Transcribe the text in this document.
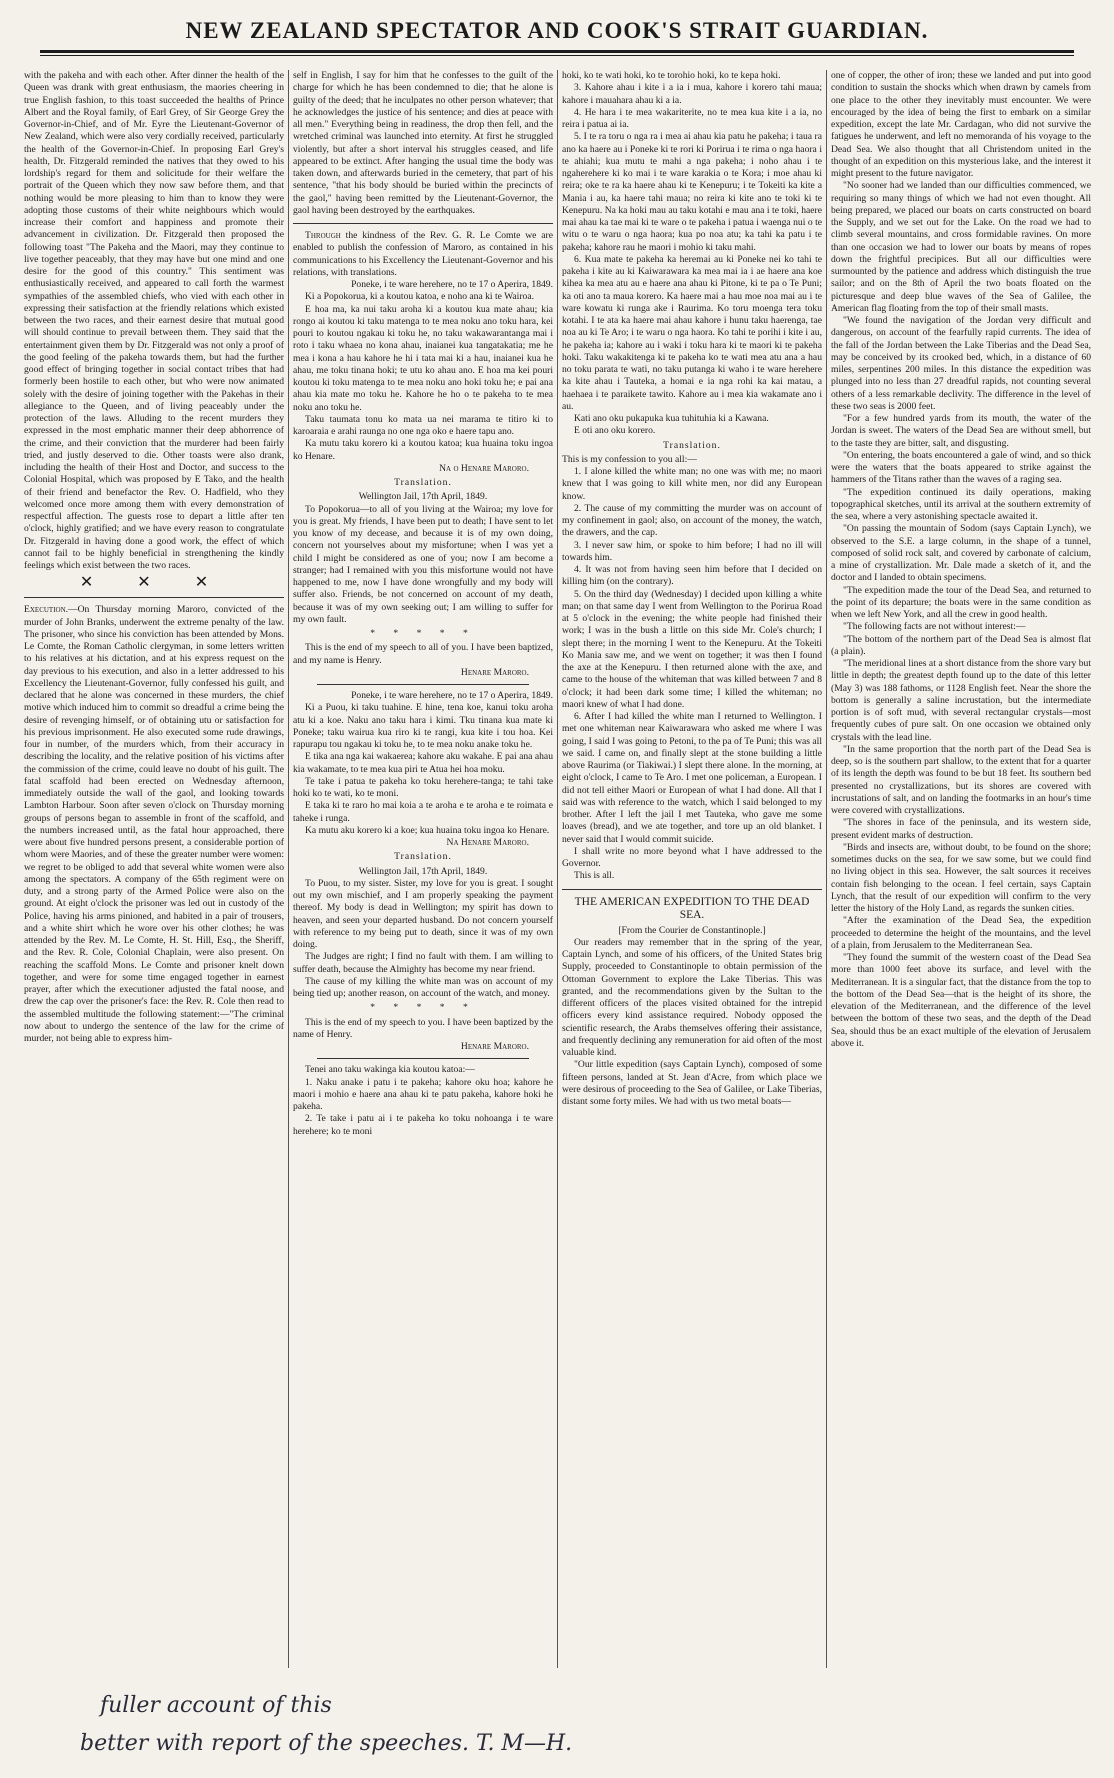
NEW ZEALAND SPECTATOR AND COOK'S STRAIT GUARDIAN.

with the pakeha and with each other. After dinner the health of the Queen was drank with great enthusiasm, the maories cheering in true English fashion, to this toast succeeded the healths of Prince Albert and the Royal family, of Earl Grey, of Sir George Grey the Governor-in-Chief, and of Mr. Eyre the Lieutenant-Governor of New Zealand, which were also very cordially received, particularly the health of the Governor-in-Chief. In proposing Earl Grey's health, Dr. Fitzgerald reminded the natives that they owed to his lordship's regard for them and solicitude for their welfare the portrait of the Queen which they now saw before them, and that nothing would be more pleasing to him than to know they were adopting those customs of their white neighbours which would increase their comfort and happiness and promote their advancement in civilization. Dr. Fitzgerald then proposed the following toast "The Pakeha and the Maori, may they continue to live together peaceably, that they may have but one mind and one desire for the good of this country." This sentiment was enthusiastically received, and appeared to call forth the warmest sympathies of the assembled chiefs, who vied with each other in expressing their satisfaction at the friendly relations which existed between the two races, and their earnest desire that mutual good will should continue to prevail between them. They said that the entertainment given them by Dr. Fitzgerald was not only a proof of the good feeling of the pakeha towards them, but had the further good effect of bringing together in social contact tribes that had formerly been hostile to each other, but who were now animated solely with the desire of joining together with the Pakehas in their allegiance to the Queen, and of living peaceably under the protection of the laws. Alluding to the recent murders they expressed in the most emphatic manner their deep abhorrence of the crime, and their conviction that the murderer had been fairly tried, and justly deserved to die. Other toasts were also drank, including the health of their Host and Doctor, and success to the Colonial Hospital, which was proposed by E Tako, and the health of their friend and benefactor the Rev. O. Hadfield, who they welcomed once more among them with every demonstration of respectful affection. The guests rose to depart a little after ten o'clock, highly gratified; and we have every reason to congratulate Dr. Fitzgerald in having done a good work, the effect of which cannot fail to be highly beneficial in strengthening the kindly feelings which exist between the two races.

✕ ✕ ✕

Execution.—On Thursday morning Maroro, convicted of the murder of John Branks, underwent the extreme penalty of the law. The prisoner, who since his conviction has been attended by Mons. Le Comte, the Roman Catholic clergyman, in some letters written to his relatives at his dictation, and at his express request on the day previous to his execution, and also in a letter addressed to his Excellency the Lieutenant-Governor, fully confessed his guilt, and declared that he alone was concerned in these murders, the chief motive which induced him to commit so dreadful a crime being the desire of revenging himself, or of obtaining utu or satisfaction for his previous imprisonment. He also executed some rude drawings, four in number, of the murders which, from their accuracy in describing the locality, and the relative position of his victims after the commission of the crime, could leave no doubt of his guilt. The fatal scaffold had been erected on Wednesday afternoon, immediately outside the wall of the gaol, and looking towards Lambton Harbour. Soon after seven o'clock on Thursday morning groups of persons began to assemble in front of the scaffold, and the numbers increased until, as the fatal hour approached, there were about five hundred persons present, a considerable portion of whom were Maories, and of these the greater number were women: we regret to be obliged to add that several white women were also among the spectators. A company of the 65th regiment were on duty, and a strong party of the Armed Police were also on the ground. At eight o'clock the prisoner was led out in custody of the Police, having his arms pinioned, and habited in a pair of trousers, and a white shirt which he wore over his other clothes; he was attended by the Rev. M. Le Comte, H. St. Hill, Esq., the Sheriff, and the Rev. R. Cole, Colonial Chaplain, were also present. On reaching the scaffold Mons. Le Comte and prisoner knelt down together, and were for some time engaged together in earnest prayer, after which the executioner adjusted the fatal noose, and drew the cap over the prisoner's face: the Rev. R. Cole then read to the assembled multitude the following statement:—"The criminal now about to undergo the sentence of the law for the crime of murder, not being able to express him-

self in English, I say for him that he confesses to the guilt of the charge for which he has been condemned to die; that he alone is guilty of the deed; that he inculpates no other person whatever; that he acknowledges the justice of his sentence; and dies at peace with all men." Everything being in readiness, the drop then fell, and the wretched criminal was launched into eternity. At first he struggled violently, but after a short interval his struggles ceased, and life appeared to be extinct. After hanging the usual time the body was taken down, and afterwards buried in the cemetery, that part of his sentence, "that his body should be buried within the precincts of the gaol," having been remitted by the Lieutenant-Governor, the gaol having been destroyed by the earthquakes.

Through the kindness of the Rev. G. R. Le Comte we are enabled to publish the confession of Maroro, as contained in his communications to his Excellency the Lieutenant-Governor and his relations, with translations.

Poneke, i te ware herehere, no te 17 o Aperira, 1849.

Ki a Popokorua, ki a koutou katoa, e noho ana ki te Wairoa.

E hoa ma, ka nui taku aroha ki a koutou kua mate ahau; kia rongo ai koutou ki taku matenga to te mea noku ano toku hara, kei pouri to koutou ngakau ki toku he, no taku wakawarantanga mai i roto i taku whaea no kona ahau, inaianei kua tangatakatia; me he mea i kona a hau kahore he hi i tata mai ki a hau, inaianei kua he ahau, me toku tinana hoki; te utu ko ahau ano. E hoa ma kei pouri koutou ki toku matenga to te mea noku ano hoki toku he; e pai ana ahau kia mate mo toku he. Kahore he ho o te pakeha to te mea noku ano toku he.

Taku taumata tonu ko mata ua nei marama te titiro ki to karoaraia e arahi raunga no one nga oko e haere tapu ano.

Ka mutu taku korero ki a koutou katoa; kua huaina toku ingoa ko Henare.

Na o Henare Maroro.

Translation.

Wellington Jail, 17th April, 1849.

To Popokorua—to all of you living at the Wairoa; my love for you is great. My friends, I have been put to death; I have sent to let you know of my decease, and because it is of my own doing, concern not yourselves about my misfortune; when I was yet a child I might be considered as one of you; now I am become a stranger; had I remained with you this misfortune would not have happened to me, now I have done wrongfully and my body will suffer also. Friends, be not concerned on account of my death, because it was of my own seeking out; I am willing to suffer for my own fault.

* * * * *

This is the end of my speech to all of you. I have been baptized, and my name is Henry.

Henare Maroro.

Poneke, i te ware herehere, no te 17 o Aperira, 1849.

Ki a Puou, ki taku tuahine. E hine, tena koe, kanui toku aroha atu ki a koe. Naku ano taku hara i kimi. Tku tinana kua mate ki Poneke; taku wairua kua riro ki te rangi, kua kite i tou hoa. Kei rapurapu tou ngakau ki toku he, to te mea noku anake toku he.

E tika ana nga kai wakaerea; kahore aku wakahe. E pai ana ahau kia wakamate, to te mea kua piri te Atua hei hoa moku.

Te take i patua te pakeha ko toku herehere-tanga; te tahi take hoki ko te wati, ko te moni.

E taka ki te raro ho mai koia a te aroha e te aroha e te roimata e taheke i runga.

Ka mutu aku korero ki a koe; kua huaina toku ingoa ko Henare.

Na Henare Maroro.

Translation.

Wellington Jail, 17th April, 1849.

To Puou, to my sister. Sister, my love for you is great. I sought out my own mischief, and I am properly speaking the payment thereof. My body is dead in Wellington; my spirit has down to heaven, and seen your departed husband. Do not concern yourself with reference to my being put to death, since it was of my own doing.

The Judges are right; I find no fault with them. I am willing to suffer death, because the Almighty has become my near friend.

The cause of my killing the white man was on account of my being tied up; another reason, on account of the watch, and money.

* * * * *

This is the end of my speech to you. I have been baptized by the name of Henry.

Henare Maroro.

Tenei ano taku wakinga kia koutou katoa:—

1. Naku anake i patu i te pakeha; kahore oku hoa; kahore he maori i mohio e haere ana ahau ki te patu pakeha, kahore hoki he pakeha.

2. Te take i patu ai i te pakeha ko toku nohoanga i te ware herehere; ko te moni

hoki, ko te wati hoki, ko te torohio hoki, ko te kepa hoki.

3. Kahore ahau i kite i a ia i mua, kahore i korero tahi maua; kahore i mauahara ahau ki a ia.

4. He hara i te mea wakariterite, no te mea kua kite i a ia, no reira i patua ai ia.

5. I te ra toru o nga ra i mea ai ahau kia patu he pakeha; i taua ra ano ka haere au i Poneke ki te rori ki Porirua i te rima o nga haora i te ahiahi; kua mutu te mahi a nga pakeha; i noho ahau i te ngaherehere ki ko mai i te ware karakia o te Kora; i moe ahau ki reira; oke te ra ka haere ahau ki te Kenepuru; i te Tokeiti ka kite a Mania i au, ka haere tahi maua; no reira ki kite ano te toki ki te Kenepuru. Na ka hoki mau au taku kotahi e mau ana i te toki, haere mai ahau ka tae mai ki te ware o te pakeha i patua i waenga nui o te witu o te waru o nga haora; kua po noa atu; ka tahi ka patu i te pakeha; kahore rau he maori i mohio ki taku mahi.

6. Kua mate te pakeha ka heremai au ki Poneke nei ko tahi te pakeha i kite au ki Kaiwarawara ka mea mai ia i ae haere ana koe kihea ka mea atu au e haere ana ahau ki Pitone, ki te pa o Te Puni; ka oti ano ta maua korero. Ka haere mai a hau moe noa mai au i te ware kowatu ki runga ake i Raurima. Ko toru moenga tera toku kotahi. I te ata ka haere mai ahau kahore i hunu taku haerenga, tae noa au ki Te Aro; i te waru o nga haora. Ko tahi te porihi i kite i au, he pakeha ia; kahore au i waki i toku hara ki te maori ki te pakeha hoki. Taku wakakitenga ki te pakeha ko te wati mea atu ana a hau no toku parata te wati, no taku putanga ki waho i te ware herehere ka kite ahau i Tauteka, a homai e ia nga rohi ka kai matau, a haehaea i te paraikete tawito. Kahore au i mea kia wakamate ano i au.

Kati ano oku pukapuka kua tuhituhia ki a Kawana.

E oti ano oku korero.

Translation.

This is my confession to you all:—

1. I alone killed the white man; no one was with me; no maori knew that I was going to kill white men, nor did any European know.

2. The cause of my committing the murder was on account of my confinement in gaol; also, on account of the money, the watch, the drawers, and the cap.

3. I never saw him, or spoke to him before; I had no ill will towards him.

4. It was not from having seen him before that I decided on killing him (on the contrary).

5. On the third day (Wednesday) I decided upon killing a white man; on that same day I went from Wellington to the Porirua Road at 5 o'clock in the evening; the white people had finished their work; I was in the bush a little on this side Mr. Cole's church; I slept there; in the morning I went to the Kenepuru. At the Tokeiti Ko Mania saw me, and we went on together; it was then I found the axe at the Kenepuru. I then returned alone with the axe, and came to the house of the whiteman that was killed between 7 and 8 o'clock; it had been dark some time; I killed the whiteman; no maori knew of what I had done.

6. After I had killed the white man I returned to Wellington. I met one whiteman near Kaiwarawara who asked me where I was going, I said I was going to Petoni, to the pa of Te Puni; this was all we said. I came on, and finally slept at the stone building a little above Raurima (or Tiakiwai.) I slept there alone. In the morning, at eight o'clock, I came to Te Aro. I met one policeman, a European. I did not tell either Maori or European of what I had done. All that I said was with reference to the watch, which I said belonged to my brother. After I left the jail I met Tauteka, who gave me some loaves (bread), and we ate together, and tore up an old blanket. I never said that I would commit suicide.

I shall write no more beyond what I have addressed to the Governor.

This is all.

THE AMERICAN EXPEDITION TO THE DEAD SEA.

[From the Courier de Constantinople.]

Our readers may remember that in the spring of the year, Captain Lynch, and some of his officers, of the United States brig Supply, proceeded to Constantinople to obtain permission of the Ottoman Government to explore the Lake Tiberias. This was granted, and the recommendations given by the Sultan to the different officers of the places visited obtained for the intrepid officers every kind assistance required. Nobody opposed the scientific research, the Arabs themselves offering their assistance, and frequently declining any remuneration for aid often of the most valuable kind.

"Our little expedition (says Captain Lynch), composed of some fifteen persons, landed at St. Jean d'Acre, from which place we were desirous of proceeding to the Sea of Galilee, or Lake Tiberias, distant some forty miles. We had with us two metal boats—

one of copper, the other of iron; these we landed and put into good condition to sustain the shocks which when drawn by camels from one place to the other they inevitably must encounter. We were encouraged by the idea of being the first to embark on a similar expedition, except the late Mr. Cardagan, who did not survive the fatigues he underwent, and left no memoranda of his voyage to the Dead Sea. We also thought that all Christendom united in the thought of an expedition on this mysterious lake, and the interest it might present to the future navigator.

"No sooner had we landed than our difficulties commenced, we requiring so many things of which we had not even thought. All being prepared, we placed our boats on carts constructed on board the Supply, and we set out for the Lake. On the road we had to climb several mountains, and cross formidable ravines. On more than one occasion we had to lower our boats by means of ropes down the frightful precipices. But all our difficulties were surmounted by the patience and address which distinguish the true sailor; and on the 8th of April the two boats floated on the picturesque and deep blue waves of the Sea of Galilee, the American flag floating from the top of their small masts.

"We found the navigation of the Jordan very difficult and dangerous, on account of the fearfully rapid currents. The idea of the fall of the Jordan between the Lake Tiberias and the Dead Sea, may be conceived by its crooked bed, which, in a distance of 60 miles, serpentines 200 miles. In this distance the expedition was plunged into no less than 27 dreadful rapids, not counting several others of a less remarkable declivity. The difference in the level of these two seas is 2000 feet.

"For a few hundred yards from its mouth, the water of the Jordan is sweet. The waters of the Dead Sea are without smell, but to the taste they are bitter, salt, and disgusting.

"On entering, the boats encountered a gale of wind, and so thick were the waters that the boats appeared to strike against the hammers of the Titans rather than the waves of a raging sea.

"The expedition continued its daily operations, making topographical sketches, until its arrival at the southern extremity of the sea, where a very astonishing spectacle awaited it.

"On passing the mountain of Sodom (says Captain Lynch), we observed to the S.E. a large column, in the shape of a tunnel, composed of solid rock salt, and covered by carbonate of calcium, a mine of crystallization. Mr. Dale made a sketch of it, and the doctor and I landed to obtain specimens.

"The expedition made the tour of the Dead Sea, and returned to the point of its departure; the boats were in the same condition as when we left New York, and all the crew in good health.

"The following facts are not without interest:—

"The bottom of the northern part of the Dead Sea is almost flat (a plain).

"The meridional lines at a short distance from the shore vary but little in depth; the greatest depth found up to the date of this letter (May 3) was 188 fathoms, or 1128 English feet. Near the shore the bottom is generally a saline incrustation, but the intermediate portion is of soft mud, with several rectangular crystals—most frequently cubes of pure salt. On one occasion we obtained only crystals with the lead line.

"In the same proportion that the north part of the Dead Sea is deep, so is the southern part shallow, to the extent that for a quarter of its length the depth was found to be but 18 feet. Its southern bed presented no crystallizations, but its shores are covered with incrustations of salt, and on landing the footmarks in an hour's time were covered with crystallizations.

"The shores in face of the peninsula, and its western side, present evident marks of destruction.

"Birds and insects are, without doubt, to be found on the shore; sometimes ducks on the sea, for we saw some, but we could find no living object in this sea. However, the salt sources it receives contain fish belonging to the ocean. I feel certain, says Captain Lynch, that the result of our expedition will confirm to the very letter the history of the Holy Land, as regards the sunken cities.

"After the examination of the Dead Sea, the expedition proceeded to determine the height of the mountains, and the level of a plain, from Jerusalem to the Mediterranean Sea.

"They found the summit of the western coast of the Dead Sea more than 1000 feet above its surface, and level with the Mediterranean. It is a singular fact, that the distance from the top to the bottom of the Dead Sea—that is the height of its shore, the elevation of the Mediterranean, and the difference of the level between the bottom of these two seas, and the depth of the Dead Sea, should thus be an exact multiple of the elevation of Jerusalem above it.

fuller account of this
better with report of the speeches. T. M—H.
